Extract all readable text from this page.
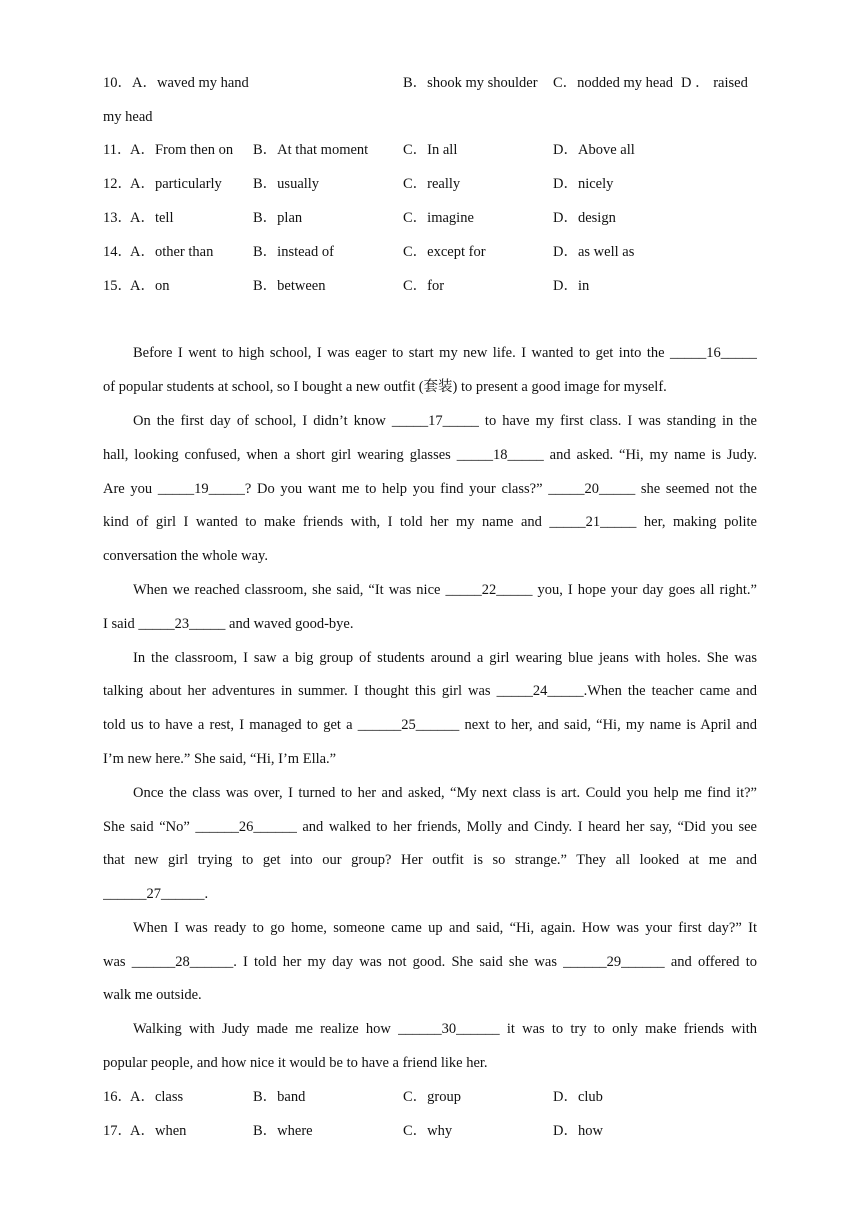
10．A．waved my hand	B．shook my shoulder C．nodded my head D ． raised
my head
11．
A．From then on B．At that moment C．In all	D．Above all
12．
A．particularly B．usually	C．really	D．nicely
13．
A．tell	B．plan	C．imagine	D．design
14．
A．other than	B．instead of	C．except for	D．as well as
15．
A．on	B．between	C．for	D．in
Before I went to high school, I was eager to start my new life. I wanted to get into the _____16_____
of popular students at school, so I bought a new outfit (套装) to present a good image for myself.
On the first day of school, I didn’t know _____17_____ to have my first class. I was standing in the
hall, looking confused, when a short girl wearing glasses _____18_____ and asked. “Hi, my name is Judy.
Are you _____19_____? Do you want me to help you find your class?” _____20_____ she seemed not the
kind of girl I wanted to make friends with, I told her my name and _____21_____ her, making polite
conversation the whole way.
When we reached classroom, she said, “It was nice _____22_____ you, I hope your day goes all right.”
I said _____23_____ and waved good-bye.
In the classroom, I saw a big group of students around a girl wearing blue jeans with holes. She was
talking about her adventures in summer. I thought this girl was _____24_____.When the teacher came and
told us to have a rest, I managed to get a ______25______ next to her, and said, “Hi, my name is April and
I’m new here.” She said, “Hi, I’m Ella.”
Once the class was over, I turned to her and asked, “My next class is art. Could you help me find it?”
She said “No” ______26______ and walked to her friends, Molly and Cindy. I heard her say, “Did you see
that new girl trying to get into our group? Her outfit is so strange.” They all looked at me and
______27______.
When I was ready to go home, someone came up and said, “Hi, again. How was your first day?” It
was ______28______. I told her my day was not good. She said she was ______29______ and offered to
walk me outside.
Walking with Judy made me realize how ______30______ it was to try to only make friends with
popular people, and how nice it would be to have a friend like her.
16．
A．class	B．band	C．group	D．club
17．
A．when	B．where	C．why	D．how
